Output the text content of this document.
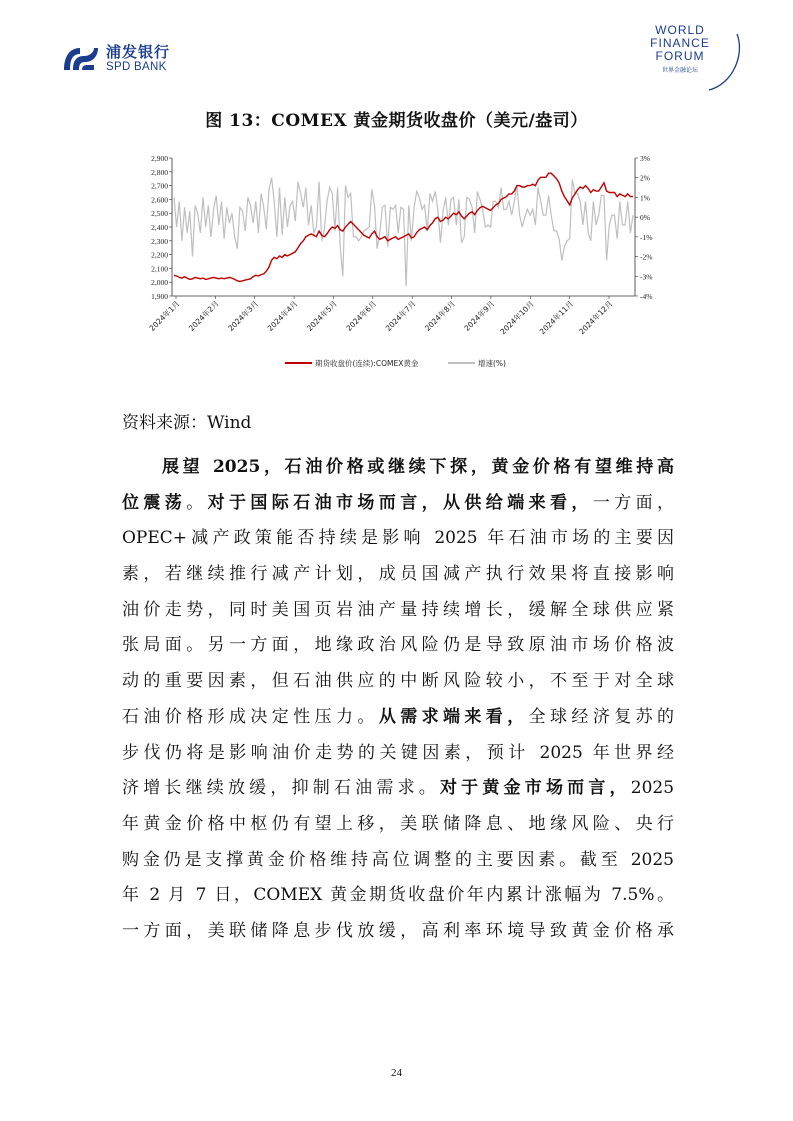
浦发银行
SPD BANK
WORLD
FINANCE
FORUM
世界金融论坛
图 13：COMEX 黄金期货收盘价（美元/盎司）
2,900
2,800
2,700
2,600
2,500
2,400
2,300
2,200
2,100
2,000
1,900
3%
2%
1%
0%
-1%
-2%
-3%
-4%
2024年1月 2024年2月 2024年3月 2024年4月 2024年5月 2024年6月 2024年7月 2024年8月 2024年9月 2024年10月 2024年11月 2024年12月
期货收盘价(连续):COMEX黄金	增速(%)
资料来源：Wind
展望 2025，石油价格或继续下探，黄金价格有望维持高
位震荡。对于国际石油市场而言，从供给端来看，一方面，
OPEC+减产政策能否持续是影响 2025 年石油市场的主要因
素，若继续推行减产计划，成员国减产执行效果将直接影响
油价走势，同时美国页岩油产量持续增长，缓解全球供应紧
张局面。另一方面，地缘政治风险仍是导致原油市场价格波
动的重要因素，但石油供应的中断风险较小，不至于对全球
石油价格形成决定性压力。从需求端来看，全球经济复苏的
步伐仍将是影响油价走势的关键因素，预计 2025 年世界经
济增长继续放缓，抑制石油需求。对于黄金市场而言，2025
年黄金价格中枢仍有望上移，美联储降息、地缘风险、央行
购金仍是支撑黄金价格维持高位调整的主要因素。截至 2025
年 2 月 7 日，COMEX 黄金期货收盘价年内累计涨幅为 7.5%。
一方面，美联储降息步伐放缓，高利率环境导致黄金价格承
24
